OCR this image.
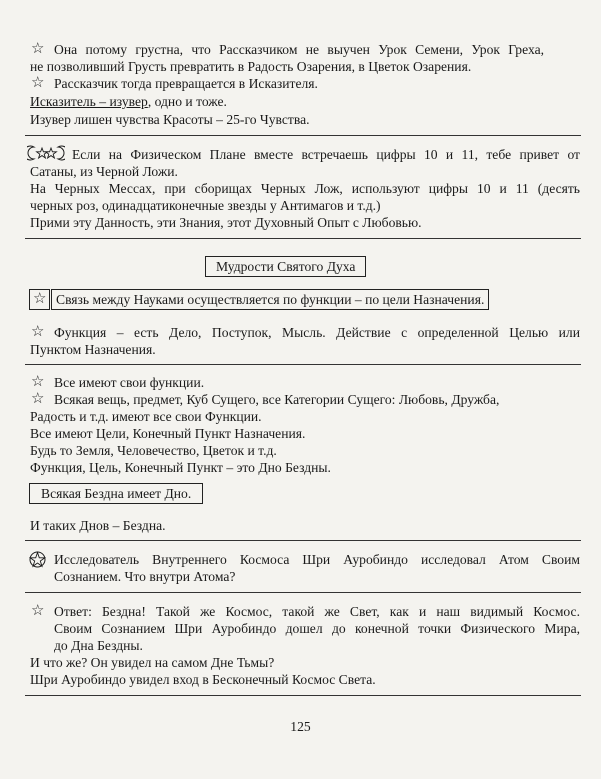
☆ Она потому грустна, что Рассказчиком не выучен Урок Семени, Урок Греха,
не позволивший Грусть превратить в Радость Озарения, в Цветок Озарения.
☆ Рассказчик тогда превращается в Исказителя.
Исказитель – изувер, одно и тоже.
Изувер лишен чувства Красоты – 25-го Чувства.
Если на Физическом Плане вместе встречаешь цифры 10 и 11, тебе привет от
Сатаны, из Черной Ложи.
На Черных Мессах, при сборищах Черных Лож, используют цифры 10 и 11 (десять
черных роз, одинадцатиконечные звезды у Антимагов и т.д.)
Прими эту Данность, эти Знания, этот Духовный Опыт с Любовью.
Мудрости Святого Духа
☆ Связь между Науками осуществляется по функции – по цели Назначения.
☆ Функция – есть Дело, Поступок, Мысль. Действие с определенной Целью или
Пунктом Назначения.
☆ Все имеют свои функции.
☆ Всякая вещь, предмет, Куб Сущего, все Категории Сущего: Любовь, Дружба,
Радость и т.д. имеют все свои Функции.
Все имеют Цели, Конечный Пункт Назначения.
Будь то Земля, Человечество, Цветок и т.д.
Функция, Цель, Конечный Пункт – это Дно Бездны.
Всякая Бездна имеет Дно.
И таких Днов – Бездна.
Исследователь Внутреннего Космоса Шри Ауробиндо исследовал Атом Своим
Сознанием. Что внутри Атома?
☆ Ответ: Бездна! Такой же Космос, такой же Свет, как и наш видимый Космос.
Своим Сознанием Шри Ауробиндо дошел до конечной точки Физического Мира,
до Дна Бездны.
И что же? Он увидел на самом Дне Тьмы?
Шри Ауробиндо увидел вход в Бесконечный Космос Света.
125
